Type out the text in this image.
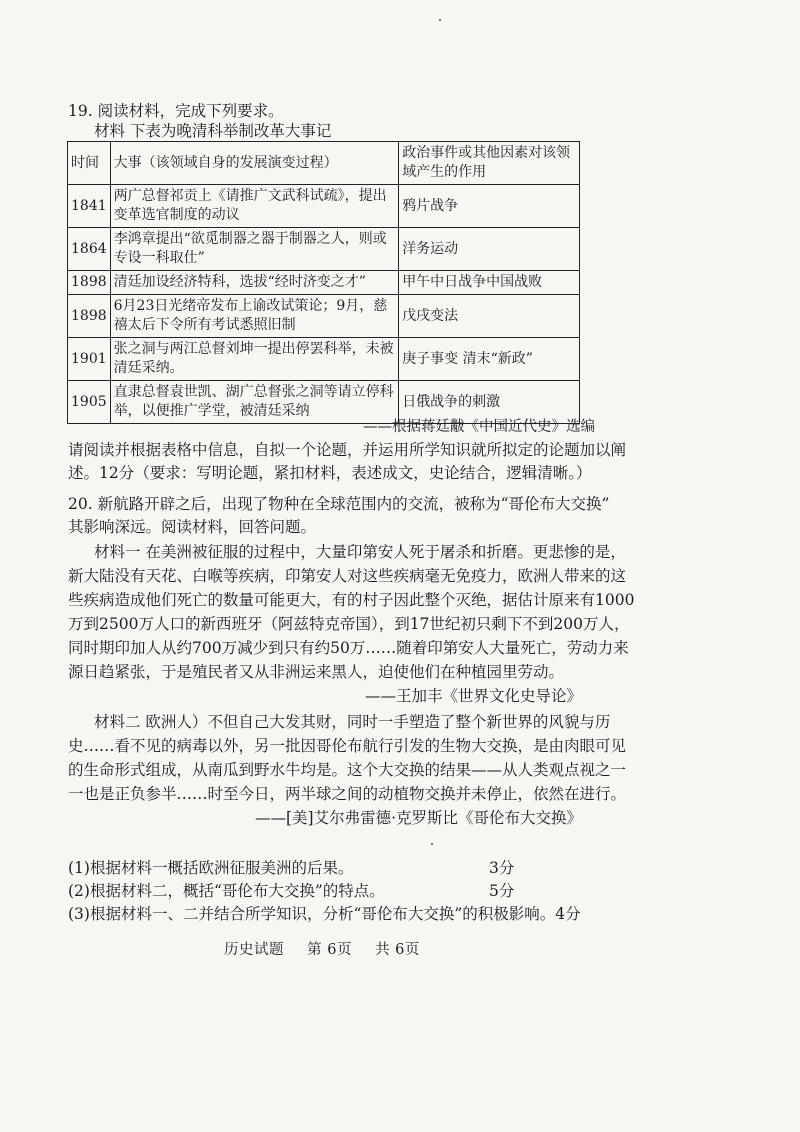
19. 阅读材料，完成下列要求。
材料 下表为晚清科举制改革大事记
时间	大事（该领域自身的发展演变过程）	政治事件或其他因素对该领域产生的作用
1841	两广总督祁贡上《请推广文武科试疏》，提出变革选官制度的动议	鸦片战争
1864	李鸿章提出“欲觅制器之器于制器之人，则或专设一科取仕”	洋务运动
1898	清廷加设经济特科，选拔“经时济变之才”	甲午中日战争中国战败
1898	6月23日光绪帝发布上谕改试策论；9月，慈禧太后下令所有考试悉照旧制	戊戌变法
1901	张之洞与两江总督刘坤一提出停罢科举，未被清廷采纳。	庚子事变 清末“新政”
1905	直隶总督袁世凯、湖广总督张之洞等请立停科举，以便推广学堂，被清廷采纳	日俄战争的刺激
——根据蒋廷黻《中国近代史》选编
请阅读并根据表格中信息，自拟一个论题，并运用所学知识就所拟定的论题加以阐
述。12分（要求：写明论题，紧扣材料，表述成文，史论结合，逻辑清晰。）
20. 新航路开辟之后，出现了物种在全球范围内的交流，被称为“哥伦布大交换”
其影响深远。阅读材料，回答问题。
材料一 在美洲被征服的过程中，大量印第安人死于屠杀和折磨。更悲惨的是，
新大陆没有天花、白喉等疾病，印第安人对这些疾病毫无免疫力，欧洲人带来的这
些疾病造成他们死亡的数量可能更大，有的村子因此整个灭绝，据估计原来有1000
万到2500万人口的新西班牙（阿兹特克帝国），到17世纪初只剩下不到200万人，
同时期印加人从约700万减少到只有约50万……随着印第安人大量死亡，劳动力来
源日趋紧张，于是殖民者又从非洲运来黑人，迫使他们在种植园里劳动。
——王加丰《世界文化史导论》
材料二 欧洲人）不但自己大发其财，同时一手塑造了整个新世界的风貌与历
史……看不见的病毒以外，另一批因哥伦布航行引发的生物大交换，是由肉眼可见
的生命形式组成，从南瓜到野水牛均是。这个大交换的结果——从人类观点视之一
一也是正负参半……时至今日，两半球之间的动植物交换并未停止，依然在进行。
——[美]艾尔弗雷德·克罗斯比《哥伦布大交换》
(1)根据材料一概括欧洲征服美洲的后果。	3分
(2)根据材料二，概括“哥伦布大交换”的特点。	5分
(3)根据材料一、二并结合所学知识，分析“哥伦布大交换”的积极影响。4分
历史试题 第 6页 共 6页
